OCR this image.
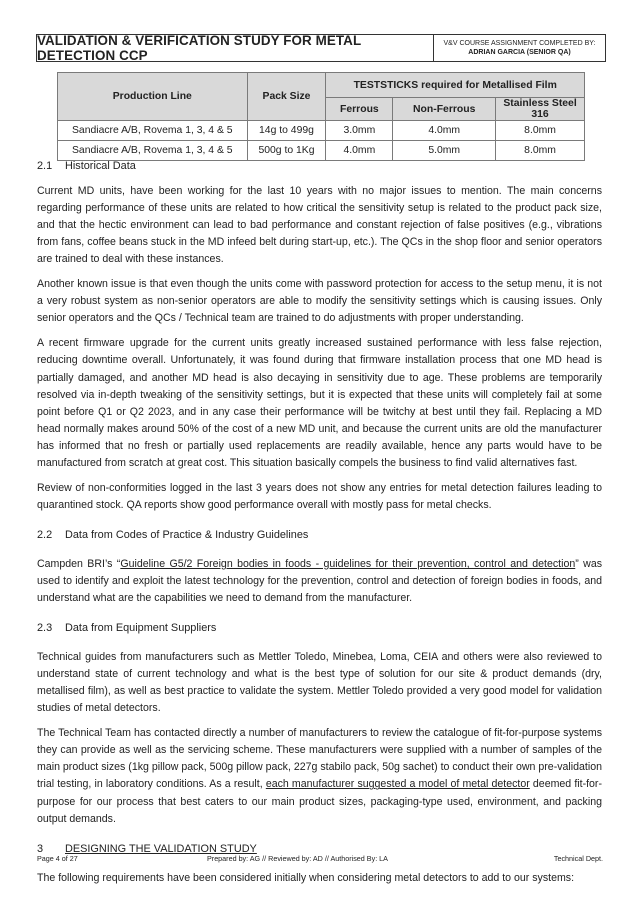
VALIDATION & VERIFICATION STUDY FOR METAL DETECTION CCP
V&V COURSE ASSIGNMENT COMPLETED BY:
ADRIAN GARCIA (SENIOR QA)
Production Line	Pack Size	TESTSTICKS required for Metallised Film		
		Ferrous	Non-Ferrous	Stainless Steel 316
Sandiacre A/B, Rovema 1, 3, 4 & 5	14g to 499g	3.0mm	4.0mm	8.0mm
Sandiacre A/B, Rovema 1, 3, 4 & 5	500g to 1Kg	4.0mm	5.0mm	8.0mm
2.1	Historical Data

Current MD units, have been working for the last 10 years with no major issues to mention. The main concerns regarding performance of these units are related to how critical the sensitivity setup is related to the product pack size, and that the hectic environment can lead to bad performance and constant rejection of false positives (e.g., vibrations from fans, coffee beans stuck in the MD infeed belt during start-up, etc.). The QCs in the shop floor and senior operators are trained to deal with these instances.

Another known issue is that even though the units come with password protection for access to the setup menu, it is not a very robust system as non-senior operators are able to modify the sensitivity settings which is causing issues. Only senior operators and the QCs / Technical team are trained to do adjustments with proper understanding.

A recent firmware upgrade for the current units greatly increased sustained performance with less false rejection, reducing downtime overall. Unfortunately, it was found during that firmware installation process that one MD head is partially damaged, and another MD head is also decaying in sensitivity due to age. These problems are temporarily resolved via in-depth tweaking of the sensitivity settings, but it is expected that these units will completely fail at some point before Q1 or Q2 2023, and in any case their performance will be twitchy at best until they fail. Replacing a MD head normally makes around 50% of the cost of a new MD unit, and because the current units are old the manufacturer has informed that no fresh or partially used replacements are readily available, hence any parts would have to be manufactured from scratch at great cost. This situation basically compels the business to find valid alternatives fast.

Review of non-conformities logged in the last 3 years does not show any entries for metal detection failures leading to quarantined stock. QA reports show good performance overall with mostly pass for metal checks.

2.2	Data from Codes of Practice & Industry Guidelines

Campden BRI’s “Guideline G5/2 Foreign bodies in foods - guidelines for their prevention, control and detection” was used to identify and exploit the latest technology for the prevention, control and detection of foreign bodies in foods, and understand what are the capabilities we need to demand from the manufacturer.

2.3	Data from Equipment Suppliers

Technical guides from manufacturers such as Mettler Toledo, Minebea, Loma, CEIA and others were also reviewed to understand state of current technology and what is the best type of solution for our site & product demands (dry, metallised film), as well as best practice to validate the system. Mettler Toledo provided a very good model for validation studies of metal detectors.

The Technical Team has contacted directly a number of manufacturers to review the catalogue of fit-for-purpose systems they can provide as well as the servicing scheme. These manufacturers were supplied with a number of samples of the main product sizes (1kg pillow pack, 500g pillow pack, 227g stabilo pack, 50g sachet) to conduct their own pre-validation trial testing, in laboratory conditions. As a result, each manufacturer suggested a model of metal detector deemed fit-for-purpose for our process that best caters to our main product sizes, packaging-type used, environment, and packing output demands.

3	DESIGNING THE VALIDATION STUDY

The following requirements have been considered initially when considering metal detectors to add to our systems:

Page 4 of 27	Prepared by: AG // Reviewed by: AD // Authorised By: LA	Technical Dept.
